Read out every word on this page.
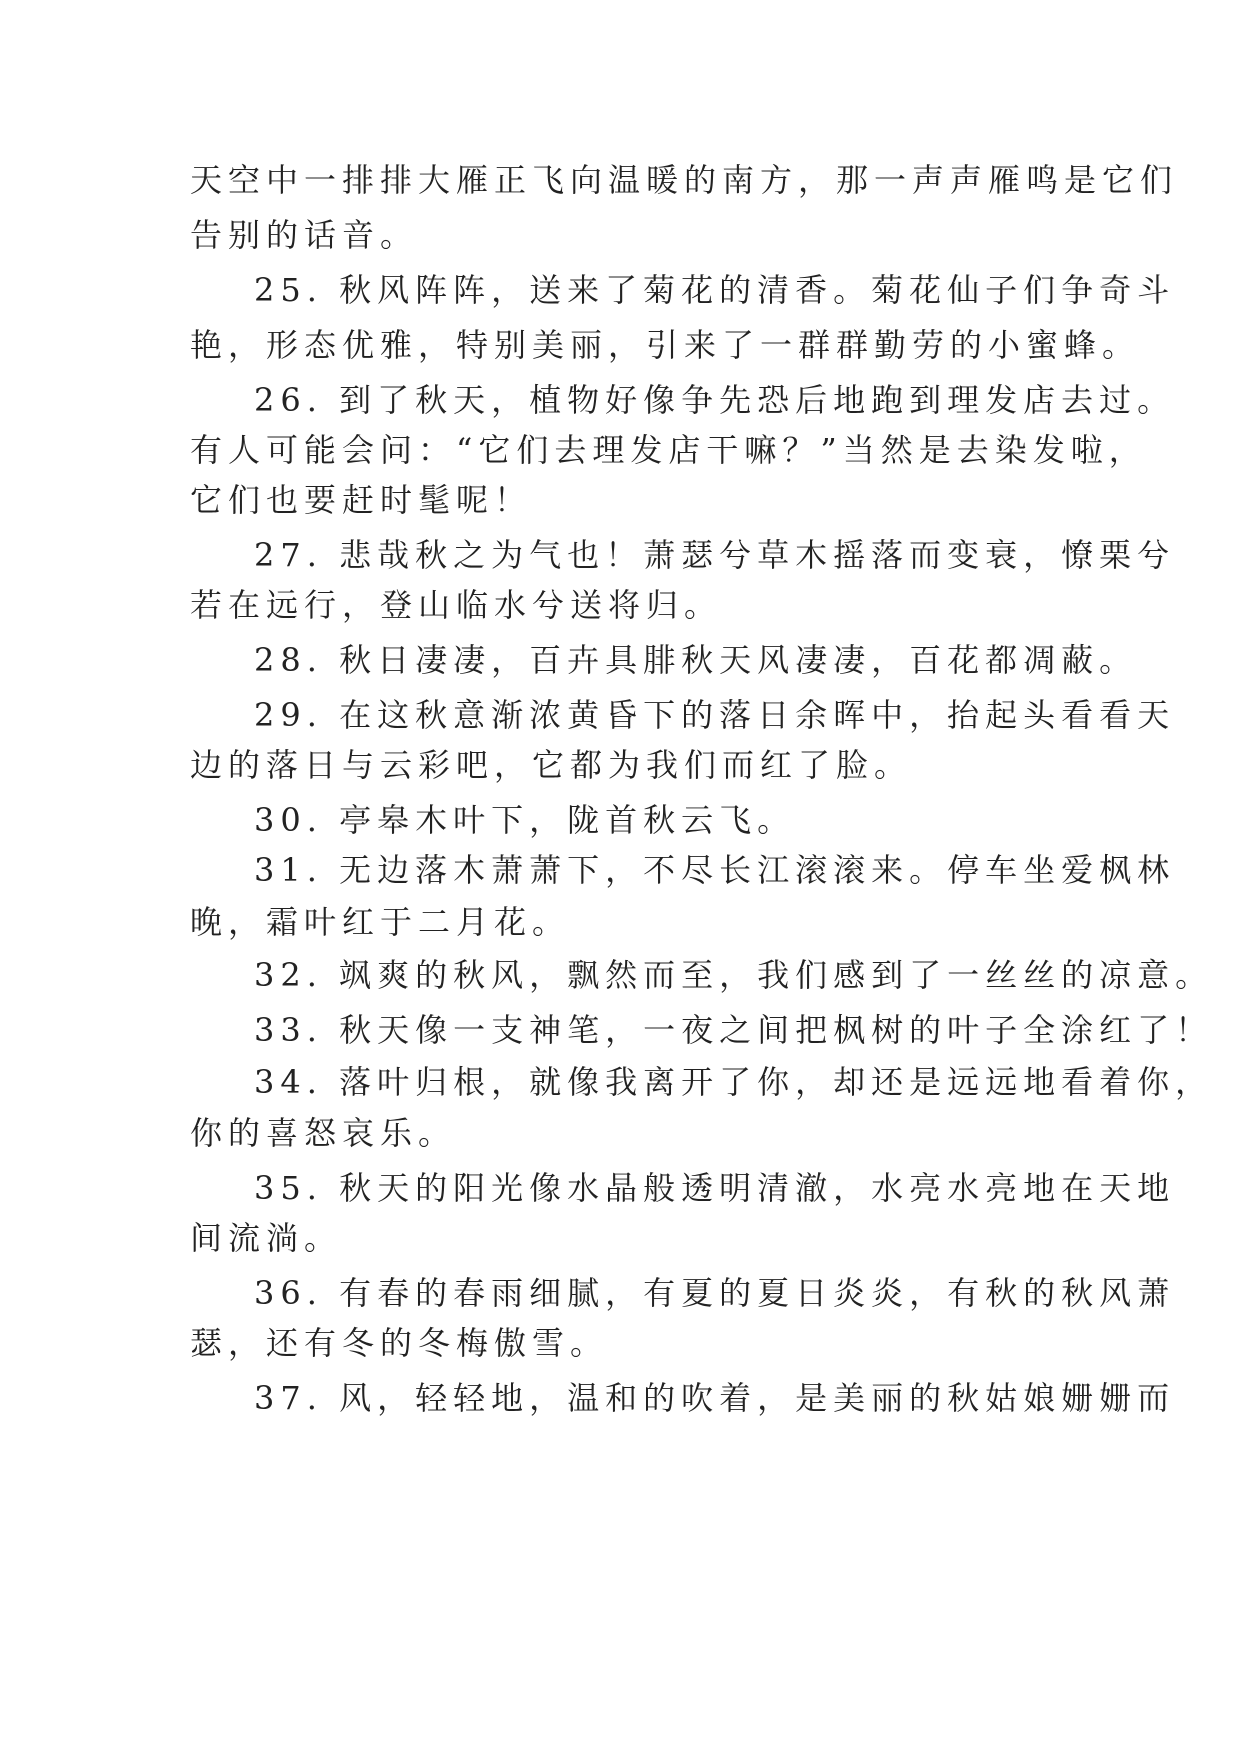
天空中一排排大雁正飞向温暖的南方，那一声声雁鸣是它们
告别的话音。
25. 秋风阵阵，送来了菊花的清香。菊花仙子们争奇斗
艳，形态优雅，特别美丽，引来了一群群勤劳的小蜜蜂。
26. 到了秋天，植物好像争先恐后地跑到理发店去过。
有人可能会问：“它们去理发店干嘛？”当然是去染发啦，
它们也要赶时髦呢！
27. 悲哉秋之为气也！萧瑟兮草木摇落而变衰，憭栗兮
若在远行，登山临水兮送将归。
28. 秋日凄凄，百卉具腓秋天风凄凄，百花都凋蔽。
29. 在这秋意渐浓黄昏下的落日余晖中，抬起头看看天
边的落日与云彩吧，它都为我们而红了脸。
30. 亭皋木叶下，陇首秋云飞。
31. 无边落木萧萧下，不尽长江滚滚来。停车坐爱枫林
晚，霜叶红于二月花。
32. 飒爽的秋风，飘然而至，我们感到了一丝丝的凉意。
33. 秋天像一支神笔，一夜之间把枫树的叶子全涂红了！
34. 落叶归根，就像我离开了你，却还是远远地看着你，
你的喜怒哀乐。
35. 秋天的阳光像水晶般透明清澈，水亮水亮地在天地
间流淌。
36. 有春的春雨细腻，有夏的夏日炎炎，有秋的秋风萧
瑟，还有冬的冬梅傲雪。
37. 风，轻轻地，温和的吹着，是美丽的秋姑娘姗姗而
